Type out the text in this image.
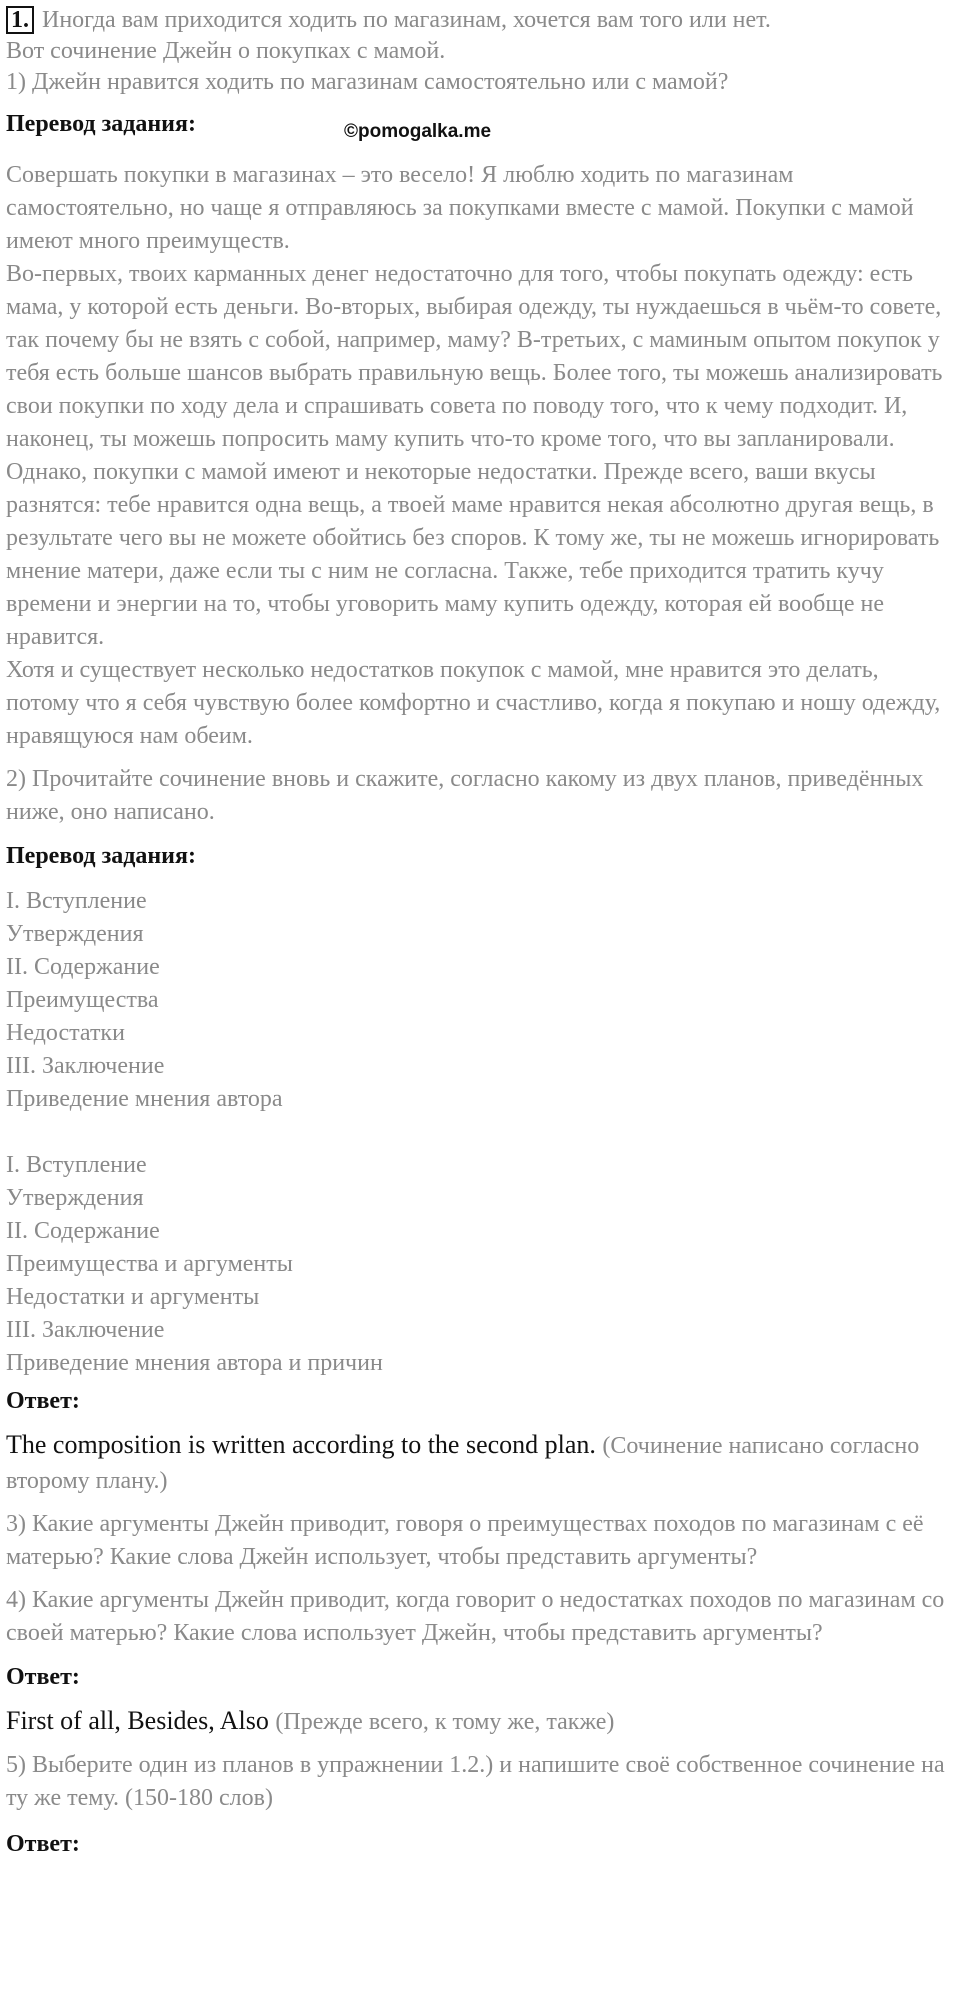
1. Иногда вам приходится ходить по магазинам, хочется вам того или нет.

Вот сочинение Джейн о покупках с мамой.

1) Джейн нравится ходить по магазинам самостоятельно или с мамой?

Перевод задания:	©pomogalka.me

Совершать покупки в магазинах – это весело! Я люблю ходить по магазинам самостоятельно, но чаще я отправляюсь за покупками вместе с мамой. Покупки с мамой имеют много преимуществ.

Во-первых, твоих карманных денег недостаточно для того, чтобы покупать одежду: есть мама, у которой есть деньги. Во-вторых, выбирая одежду, ты нуждаешься в чьём-то совете, так почему бы не взять с собой, например, маму? В-третьих, с маминым опытом покупок у тебя есть больше шансов выбрать правильную вещь. Более того, ты можешь анализировать свои покупки по ходу дела и спрашивать совета по поводу того, что к чему подходит. И, наконец, ты можешь попросить маму купить что-то кроме того, что вы запланировали.

Однако, покупки с мамой имеют и некоторые недостатки. Прежде всего, ваши вкусы разнятся: тебе нравится одна вещь, а твоей маме нравится некая абсолютно другая вещь, в результате чего вы не можете обойтись без споров. К тому же, ты не можешь игнорировать мнение матери, даже если ты с ним не согласна. Также, тебе приходится тратить кучу времени и энергии на то, чтобы уговорить маму купить одежду, которая ей вообще не нравится.

Хотя и существует несколько недостатков покупок с мамой, мне нравится это делать, потому что я себя чувствую более комфортно и счастливо, когда я покупаю и ношу одежду, нравящуюся нам обеим.

2) Прочитайте сочинение вновь и скажите, согласно какому из двух планов, приведённых ниже, оно написано.

Перевод задания:

I. Вступление

Утверждения

II. Содержание

Преимущества

Недостатки

III. Заключение

Приведение мнения автора

I. Вступление

Утверждения

II. Содержание

Преимущества и аргументы

Недостатки и аргументы

III. Заключение

Приведение мнения автора и причин

Ответ:

The composition is written according to the second plan. (Сочинение написано согласно второму плану.)

3) Какие аргументы Джейн приводит, говоря о преимуществах походов по магазинам с её матерью? Какие слова Джейн использует, чтобы представить аргументы?

4) Какие аргументы Джейн приводит, когда говорит о недостатках походов по магазинам со своей матерью? Какие слова использует Джейн, чтобы представить аргументы?

Ответ:

First of all, Besides, Also (Прежде всего, к тому же, также)

5) Выберите один из планов в упражнении 1.2.) и напишите своё собственное сочинение на ту же тему. (150-180 слов)

Ответ:
